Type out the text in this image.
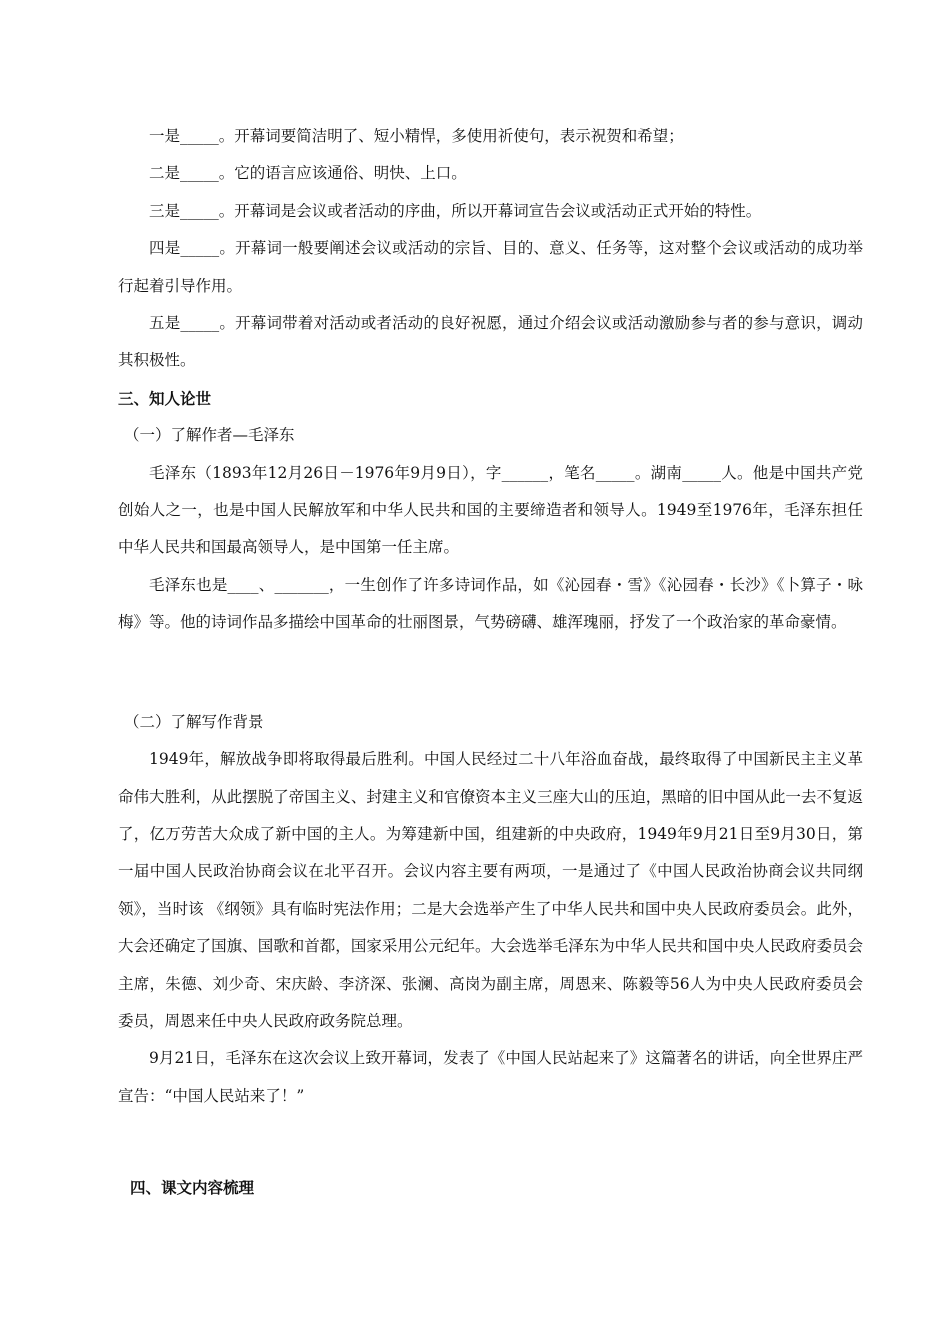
一是_____。开幕词要简洁明了、短小精悍，多使用祈使句，表示祝贺和希望；

二是_____。它的语言应该通俗、明快、上口。

三是_____。开幕词是会议或者活动的序曲，所以开幕词宣告会议或活动正式开始的特性。

四是_____。开幕词一般要阐述会议或活动的宗旨、目的、意义、任务等，这对整个会议或活动的成功举行起着引导作用。

五是_____。开幕词带着对活动或者活动的良好祝愿，通过介绍会议或活动激励参与者的参与意识，调动其积极性。

三、知人论世

（一）了解作者—毛泽东

毛泽东（1893年12月26日－1976年9月9日），字______，笔名_____。湖南_____人。他是中国共产党创始人之一，也是中国人民解放军和中华人民共和国的主要缔造者和领导人。1949至1976年，毛泽东担任中华人民共和国最高领导人，是中国第一任主席。

毛泽东也是____、_______，一生创作了许多诗词作品，如《沁园春・雪》《沁园春・长沙》《卜算子・咏梅》等。他的诗词作品多描绘中国革命的壮丽图景，气势磅礴、雄浑瑰丽，抒发了一个政治家的革命豪情。

（二）了解写作背景

1949年，解放战争即将取得最后胜利。中国人民经过二十八年浴血奋战，最终取得了中国新民主主义革命伟大胜利，从此摆脱了帝国主义、封建主义和官僚资本主义三座大山的压迫，黑暗的旧中国从此一去不复返了，亿万劳苦大众成了新中国的主人。为筹建新中国，组建新的中央政府，1949年9月21日至9月30日，第一届中国人民政治协商会议在北平召开。会议内容主要有两项，一是通过了《中国人民政治协商会议共同纲领》，当时该 《纲领》具有临时宪法作用；二是大会选举产生了中华人民共和国中央人民政府委员会。此外，大会还确定了国旗、国歌和首都，国家采用公元纪年。大会选举毛泽东为中华人民共和国中央人民政府委员会主席，朱德、刘少奇、宋庆龄、李济深、张澜、高岗为副主席，周恩来、陈毅等56人为中央人民政府委员会委员，周恩来任中央人民政府政务院总理。

9月21日，毛泽东在这次会议上致开幕词，发表了《中国人民站起来了》这篇著名的讲话，向全世界庄严宣告：“中国人民站来了！”

四、课文内容梳理
